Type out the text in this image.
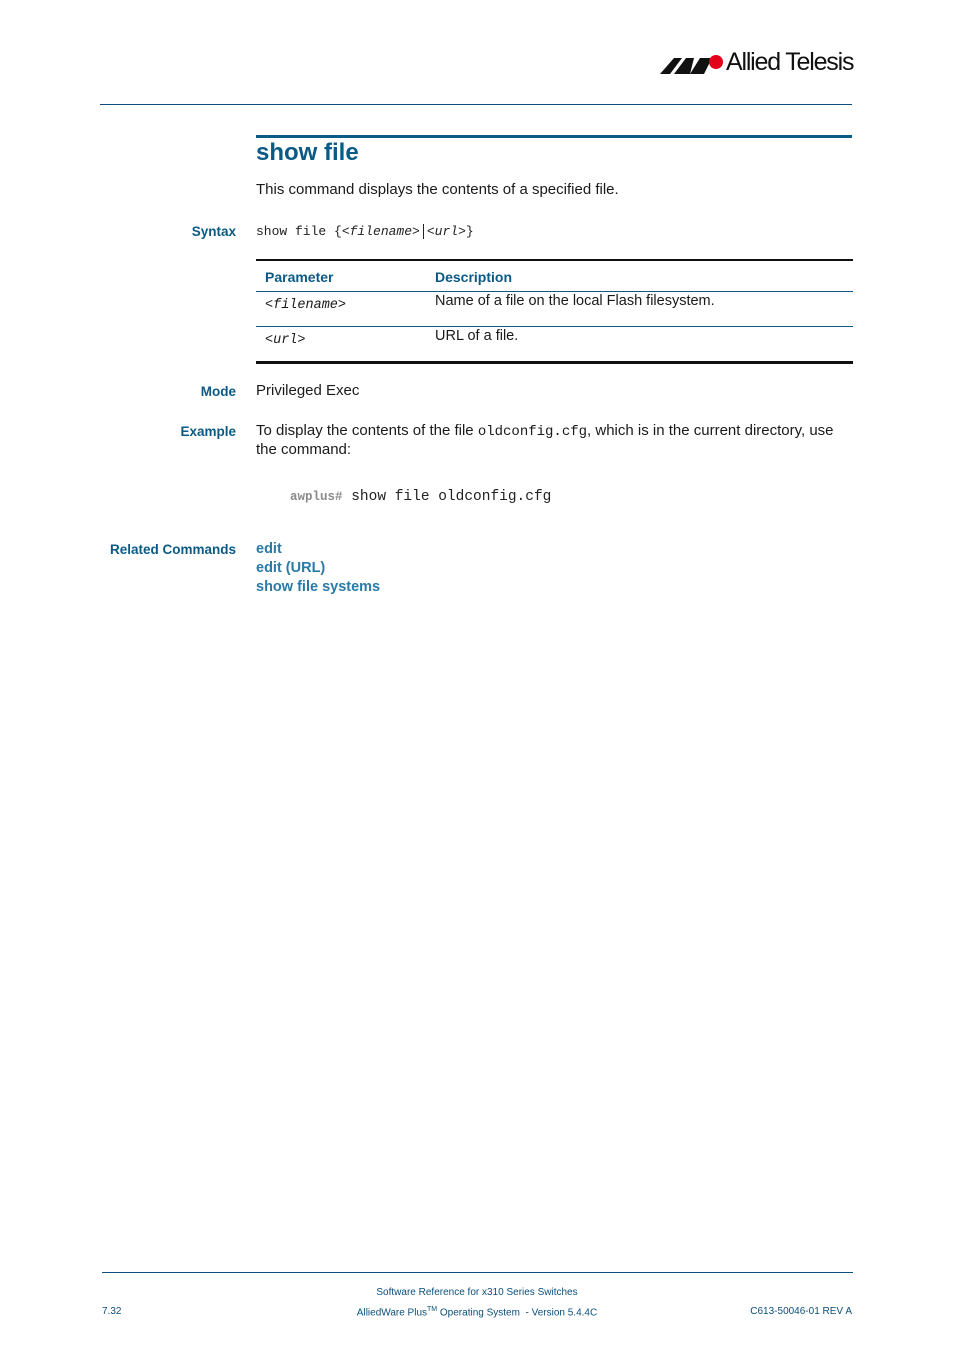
Allied Telesis
show file
This command displays the contents of a specified file.
Syntax show file {<filename> <url>}
Parameter	Description
<filename>	Name of a file on the local Flash filesystem.
<url>	URL of a file.
Mode Privileged Exec
Example To display the contents of the file oldconfig.cfg, which is in the current directory, use
the command:
awplus# show file oldconfig.cfg
Related Commands edit
edit (URL)
show file systems
Software Reference for x310 Series Switches
7.32	AlliedWare Plus™ Operating System  - Version 5.4.4C	C613-50046-01 REV A
